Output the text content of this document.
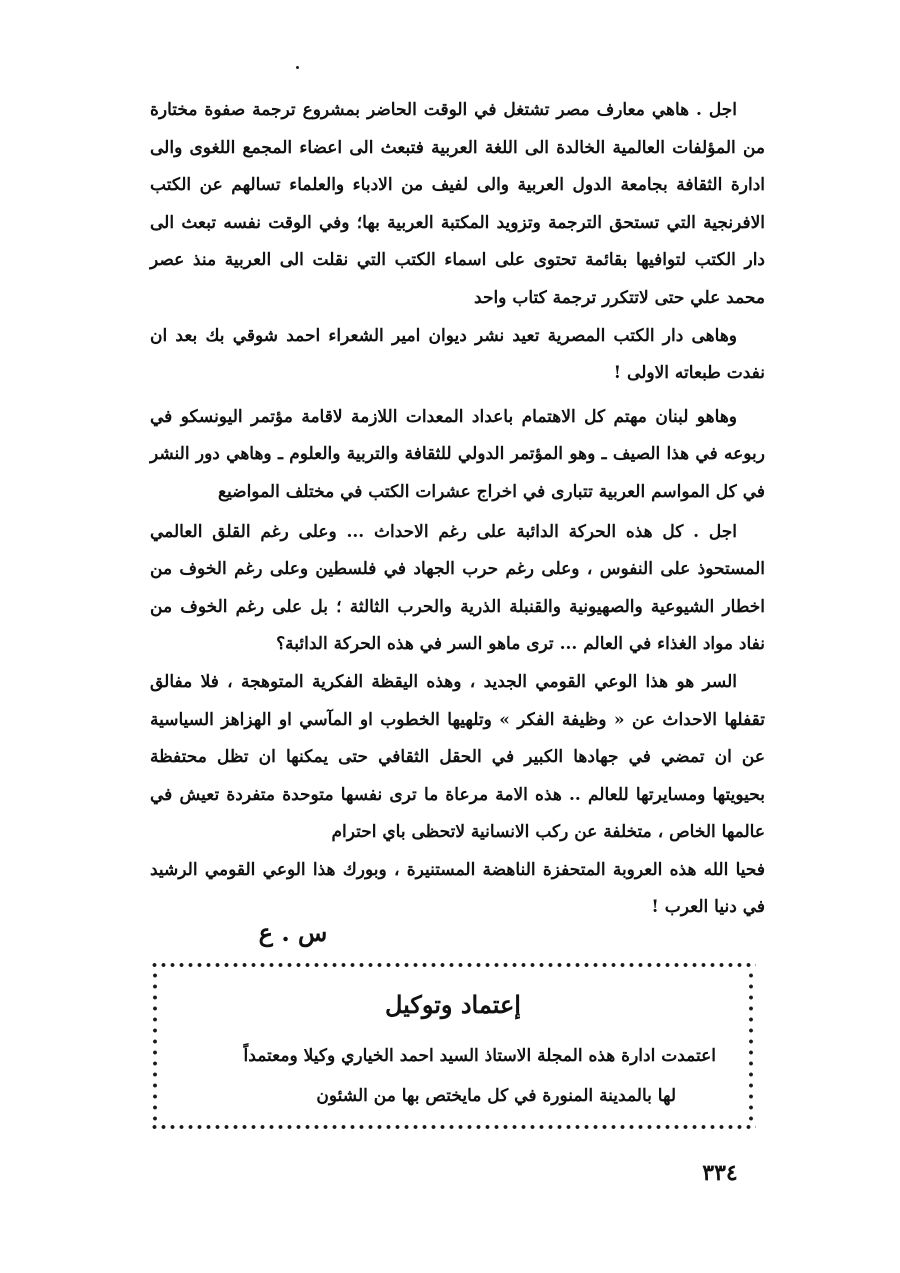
اجل . هاهي معارف مصر تشتغل في الوقت الحاضر بمشروع ترجمة صفوة مختارة من المؤلفات العالمية الخالدة الى اللغة العربية فتبعث الى اعضاء المجمع اللغوى والى ادارة الثقافة بجامعة الدول العربية والى لفيف من الادباء والعلماء تسالهم عن الكتب الافرنجية التي تستحق الترجمة وتزويد المكتبة العربية بها؛ وفي الوقت نفسه تبعث الى دار الكتب لتوافيها بقائمة تحتوى على اسماء الكتب التي نقلت الى العربية منذ عصر محمد علي حتى لاتتكرر ترجمة كتاب واحد

وهاهى دار الكتب المصرية تعيد نشر ديوان امير الشعراء احمد شوقي بك بعد ان نفدت طبعاته الاولى !

وهاهو لبنان مهتم كل الاهتمام باعداد المعدات اللازمة لاقامة مؤتمر اليونسكو في ربوعه في هذا الصيف ـ وهو المؤتمر الدولي للثقافة والتربية والعلوم ـ وهاهي دور النشر في كل المواسم العربية تتبارى في اخراج عشرات الكتب في مختلف المواضيع

اجل . كل هذه الحركة الدائبة على رغم الاحداث ... وعلى رغم القلق العالمي المستحوذ على النفوس ، وعلى رغم حرب الجهاد في فلسطين وعلى رغم الخوف من اخطار الشيوعية والصهيونية والقنبلة الذرية والحرب الثالثة ؛ بل على رغم الخوف من نفاد مواد الغذاء في العالم ... ترى ماهو السر في هذه الحركة الدائبة؟

السر هو هذا الوعي القومي الجديد ، وهذه اليقظة الفكرية المتوهجة ، فلا مفالق تقفلها الاحداث عن « وظيفة الفكر » وتلهيها الخطوب او المآسي او الهزاهز السياسية عن ان تمضي في جهادها الكبير في الحقل الثقافي حتى يمكنها ان تظل محتفظة بحيويتها ومسايرتها للعالم .. هذه الامة مرعاة ما ترى نفسها متوحدة متفردة تعيش في عالمها الخاص ، متخلفة عن ركب الانسانية لاتحظى باي احترام

فحيا الله هذه العروبة المتحفزة الناهضة المستنيرة ، وبورك هذا الوعي القومي الرشيد في دنيا العرب !

س . ع
إعتماد وتوكيل
اعتمدت ادارة هذه المجلة الاستاذ السيد احمد الخياري وكيلا ومعتمداً
لها بالمدينة المنورة في كل مايختص بها من الشئون
٣٣٤
